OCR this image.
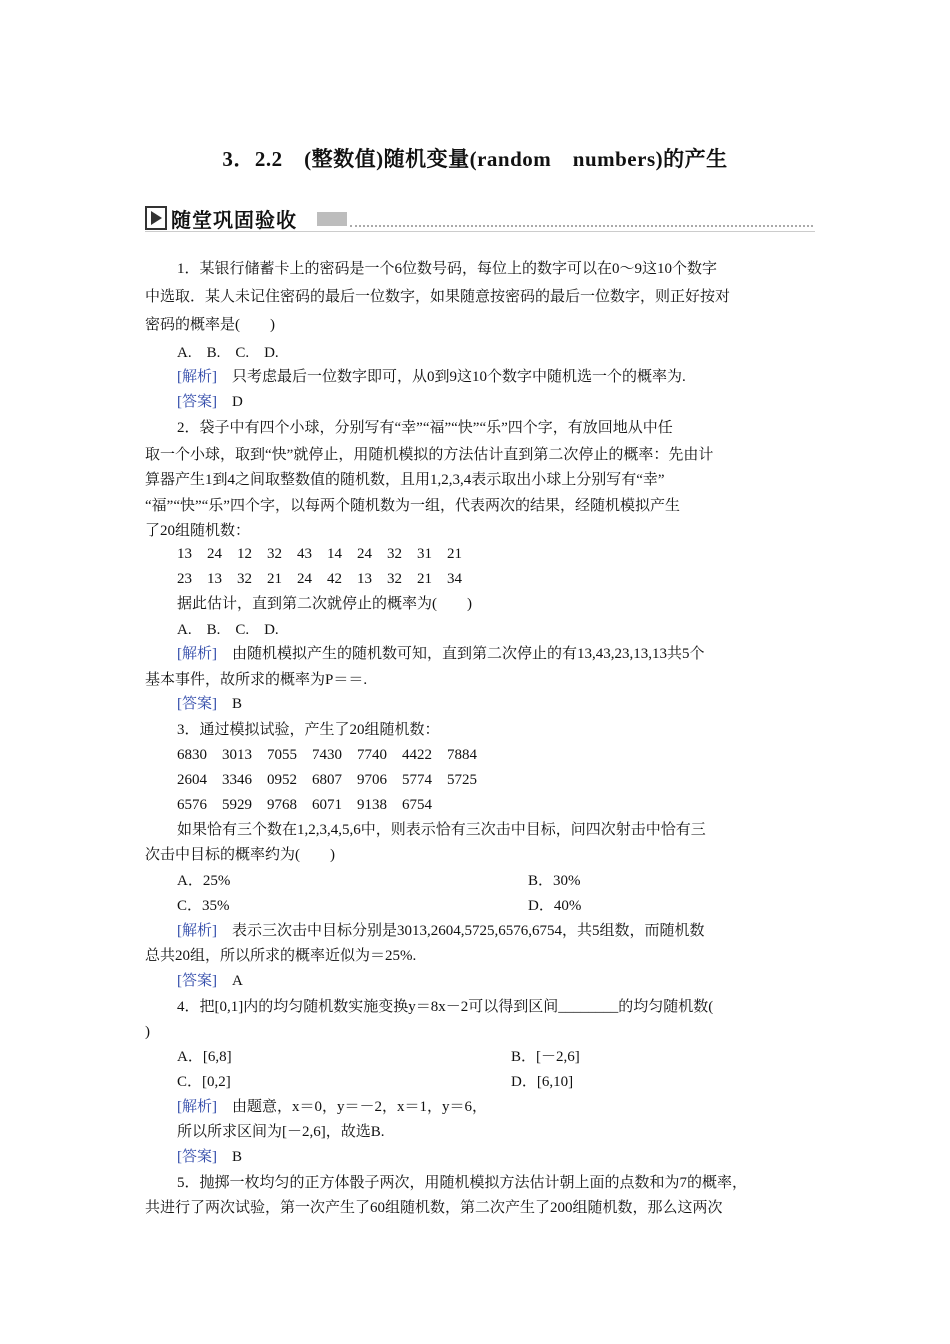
3．2.2　(整数值)随机变量(random　numbers)的产生
随堂巩固验收
1．某银行储蓄卡上的密码是一个6位数号码，每位上的数字可以在0～9这10个数字
中选取．某人未记住密码的最后一位数字，如果随意按密码的最后一位数字，则正好按对
密码的概率是(　　)
A.　B.　C.　D.
[解析]　只考虑最后一位数字即可，从0到9这10个数字中随机选一个的概率为.
[答案]　D
2．袋子中有四个小球，分别写有“幸”“福”“快”“乐”四个字，有放回地从中任
取一个小球，取到“快”就停止，用随机模拟的方法估计直到第二次停止的概率：先由计
算器产生1到4之间取整数值的随机数，且用1,2,3,4表示取出小球上分别写有“幸”
“福”“快”“乐”四个字，以每两个随机数为一组，代表两次的结果，经随机模拟产生
了20组随机数：
13　24　12　32　43　14　24　32　31　21
23　13　32　21　24　42　13　32　21　34
据此估计，直到第二次就停止的概率为(　　)
A.　B.　C.　D.
[解析]　由随机模拟产生的随机数可知，直到第二次停止的有13,43,23,13,13共5个
基本事件，故所求的概率为P＝＝.
[答案]　B
3．通过模拟试验，产生了20组随机数：
6830　3013　7055　7430　7740　4422　7884
2604　3346　0952　6807　9706　5774　5725
6576　5929　9768　6071　9138　6754
如果恰有三个数在1,2,3,4,5,6中，则表示恰有三次击中目标，问四次射击中恰有三
次击中目标的概率约为(　　)
A．25%	B．30%
C．35%	D．40%
[解析]　表示三次击中目标分别是3013,2604,5725,6576,6754，共5组数，而随机数
总共20组，所以所求的概率近似为＝25%.
[答案]　A
4．把[0,1]内的均匀随机数实施变换y＝8x－2可以得到区间________的均匀随机数(
)
A．[6,8]	B．[－2,6]
C．[0,2]	D．[6,10]
[解析]　由题意，x＝0，y＝－2，x＝1，y＝6，
所以所求区间为[－2,6]，故选B.
[答案]　B
5．抛掷一枚均匀的正方体骰子两次，用随机模拟方法估计朝上面的点数和为7的概率，
共进行了两次试验，第一次产生了60组随机数，第二次产生了200组随机数，那么这两次
